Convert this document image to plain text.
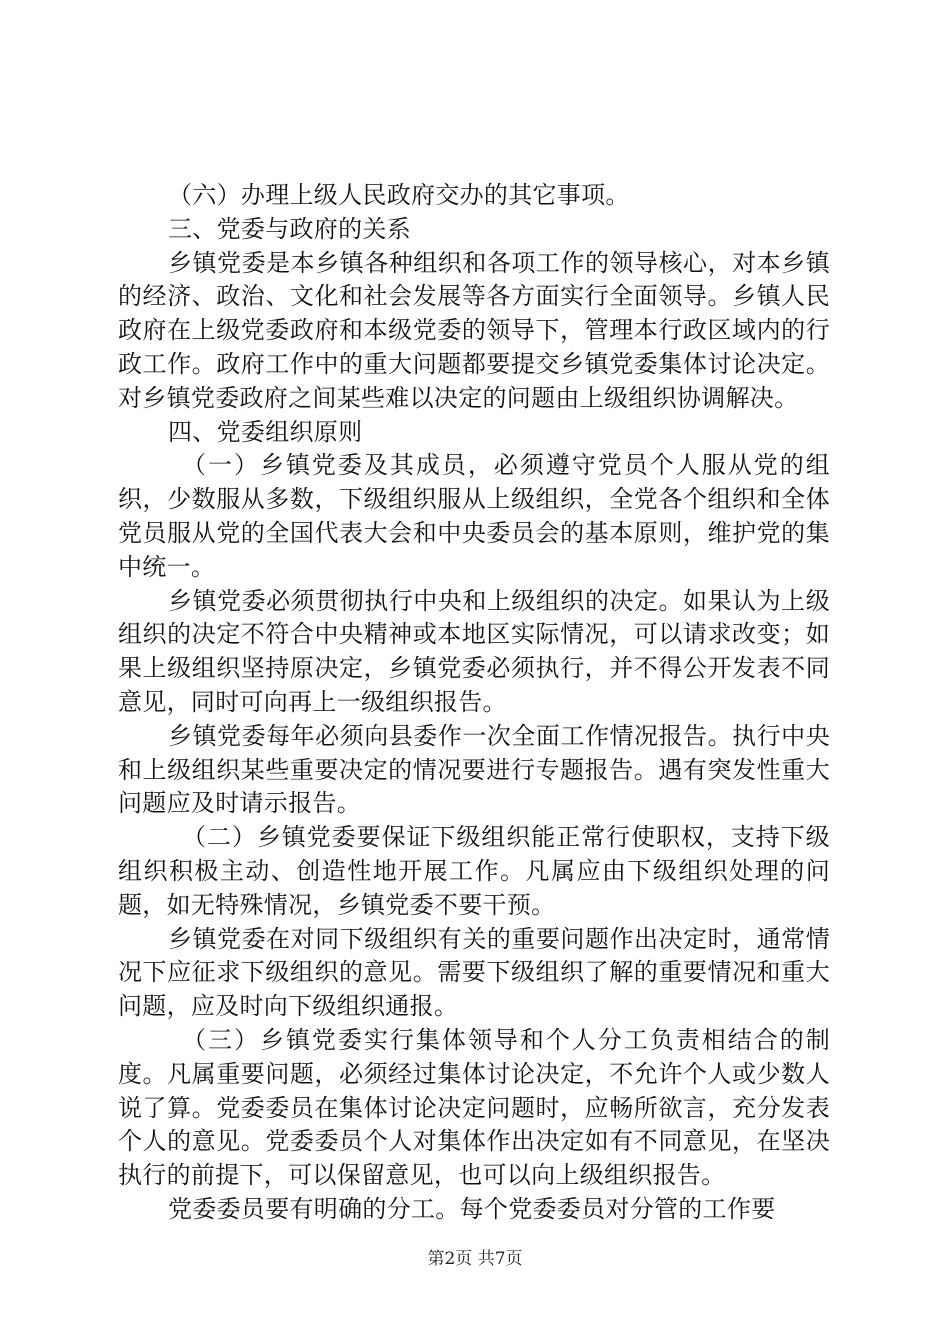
（六）办理上级人民政府交办的其它事项。

三、党委与政府的关系

乡镇党委是本乡镇各种组织和各项工作的领导核心，对本乡镇的经济、政治、文化和社会发展等各方面实行全面领导。乡镇人民政府在上级党委政府和本级党委的领导下，管理本行政区域内的行政工作。政府工作中的重大问题都要提交乡镇党委集体讨论决定。对乡镇党委政府之间某些难以决定的问题由上级组织协调解决。

四、党委组织原则

（一）乡镇党委及其成员，必须遵守党员个人服从党的组织，少数服从多数，下级组织服从上级组织，全党各个组织和全体党员服从党的全国代表大会和中央委员会的基本原则，维护党的集中统一。

乡镇党委必须贯彻执行中央和上级组织的决定。如果认为上级组织的决定不符合中央精神或本地区实际情况，可以请求改变；如果上级组织坚持原决定，乡镇党委必须执行，并不得公开发表不同意见，同时可向再上一级组织报告。

乡镇党委每年必须向县委作一次全面工作情况报告。执行中央和上级组织某些重要决定的情况要进行专题报告。遇有突发性重大问题应及时请示报告。

（二）乡镇党委要保证下级组织能正常行使职权，支持下级组织积极主动、创造性地开展工作。凡属应由下级组织处理的问题，如无特殊情况，乡镇党委不要干预。

乡镇党委在对同下级组织有关的重要问题作出决定时，通常情况下应征求下级组织的意见。需要下级组织了解的重要情况和重大问题，应及时向下级组织通报。

（三）乡镇党委实行集体领导和个人分工负责相结合的制度。凡属重要问题，必须经过集体讨论决定，不允许个人或少数人说了算。党委委员在集体讨论决定问题时，应畅所欲言，充分发表个人的意见。党委委员个人对集体作出决定如有不同意见，在坚决执行的前提下，可以保留意见，也可以向上级组织报告。

党委委员要有明确的分工。每个党委委员对分管的工作要

第2页 共7页
